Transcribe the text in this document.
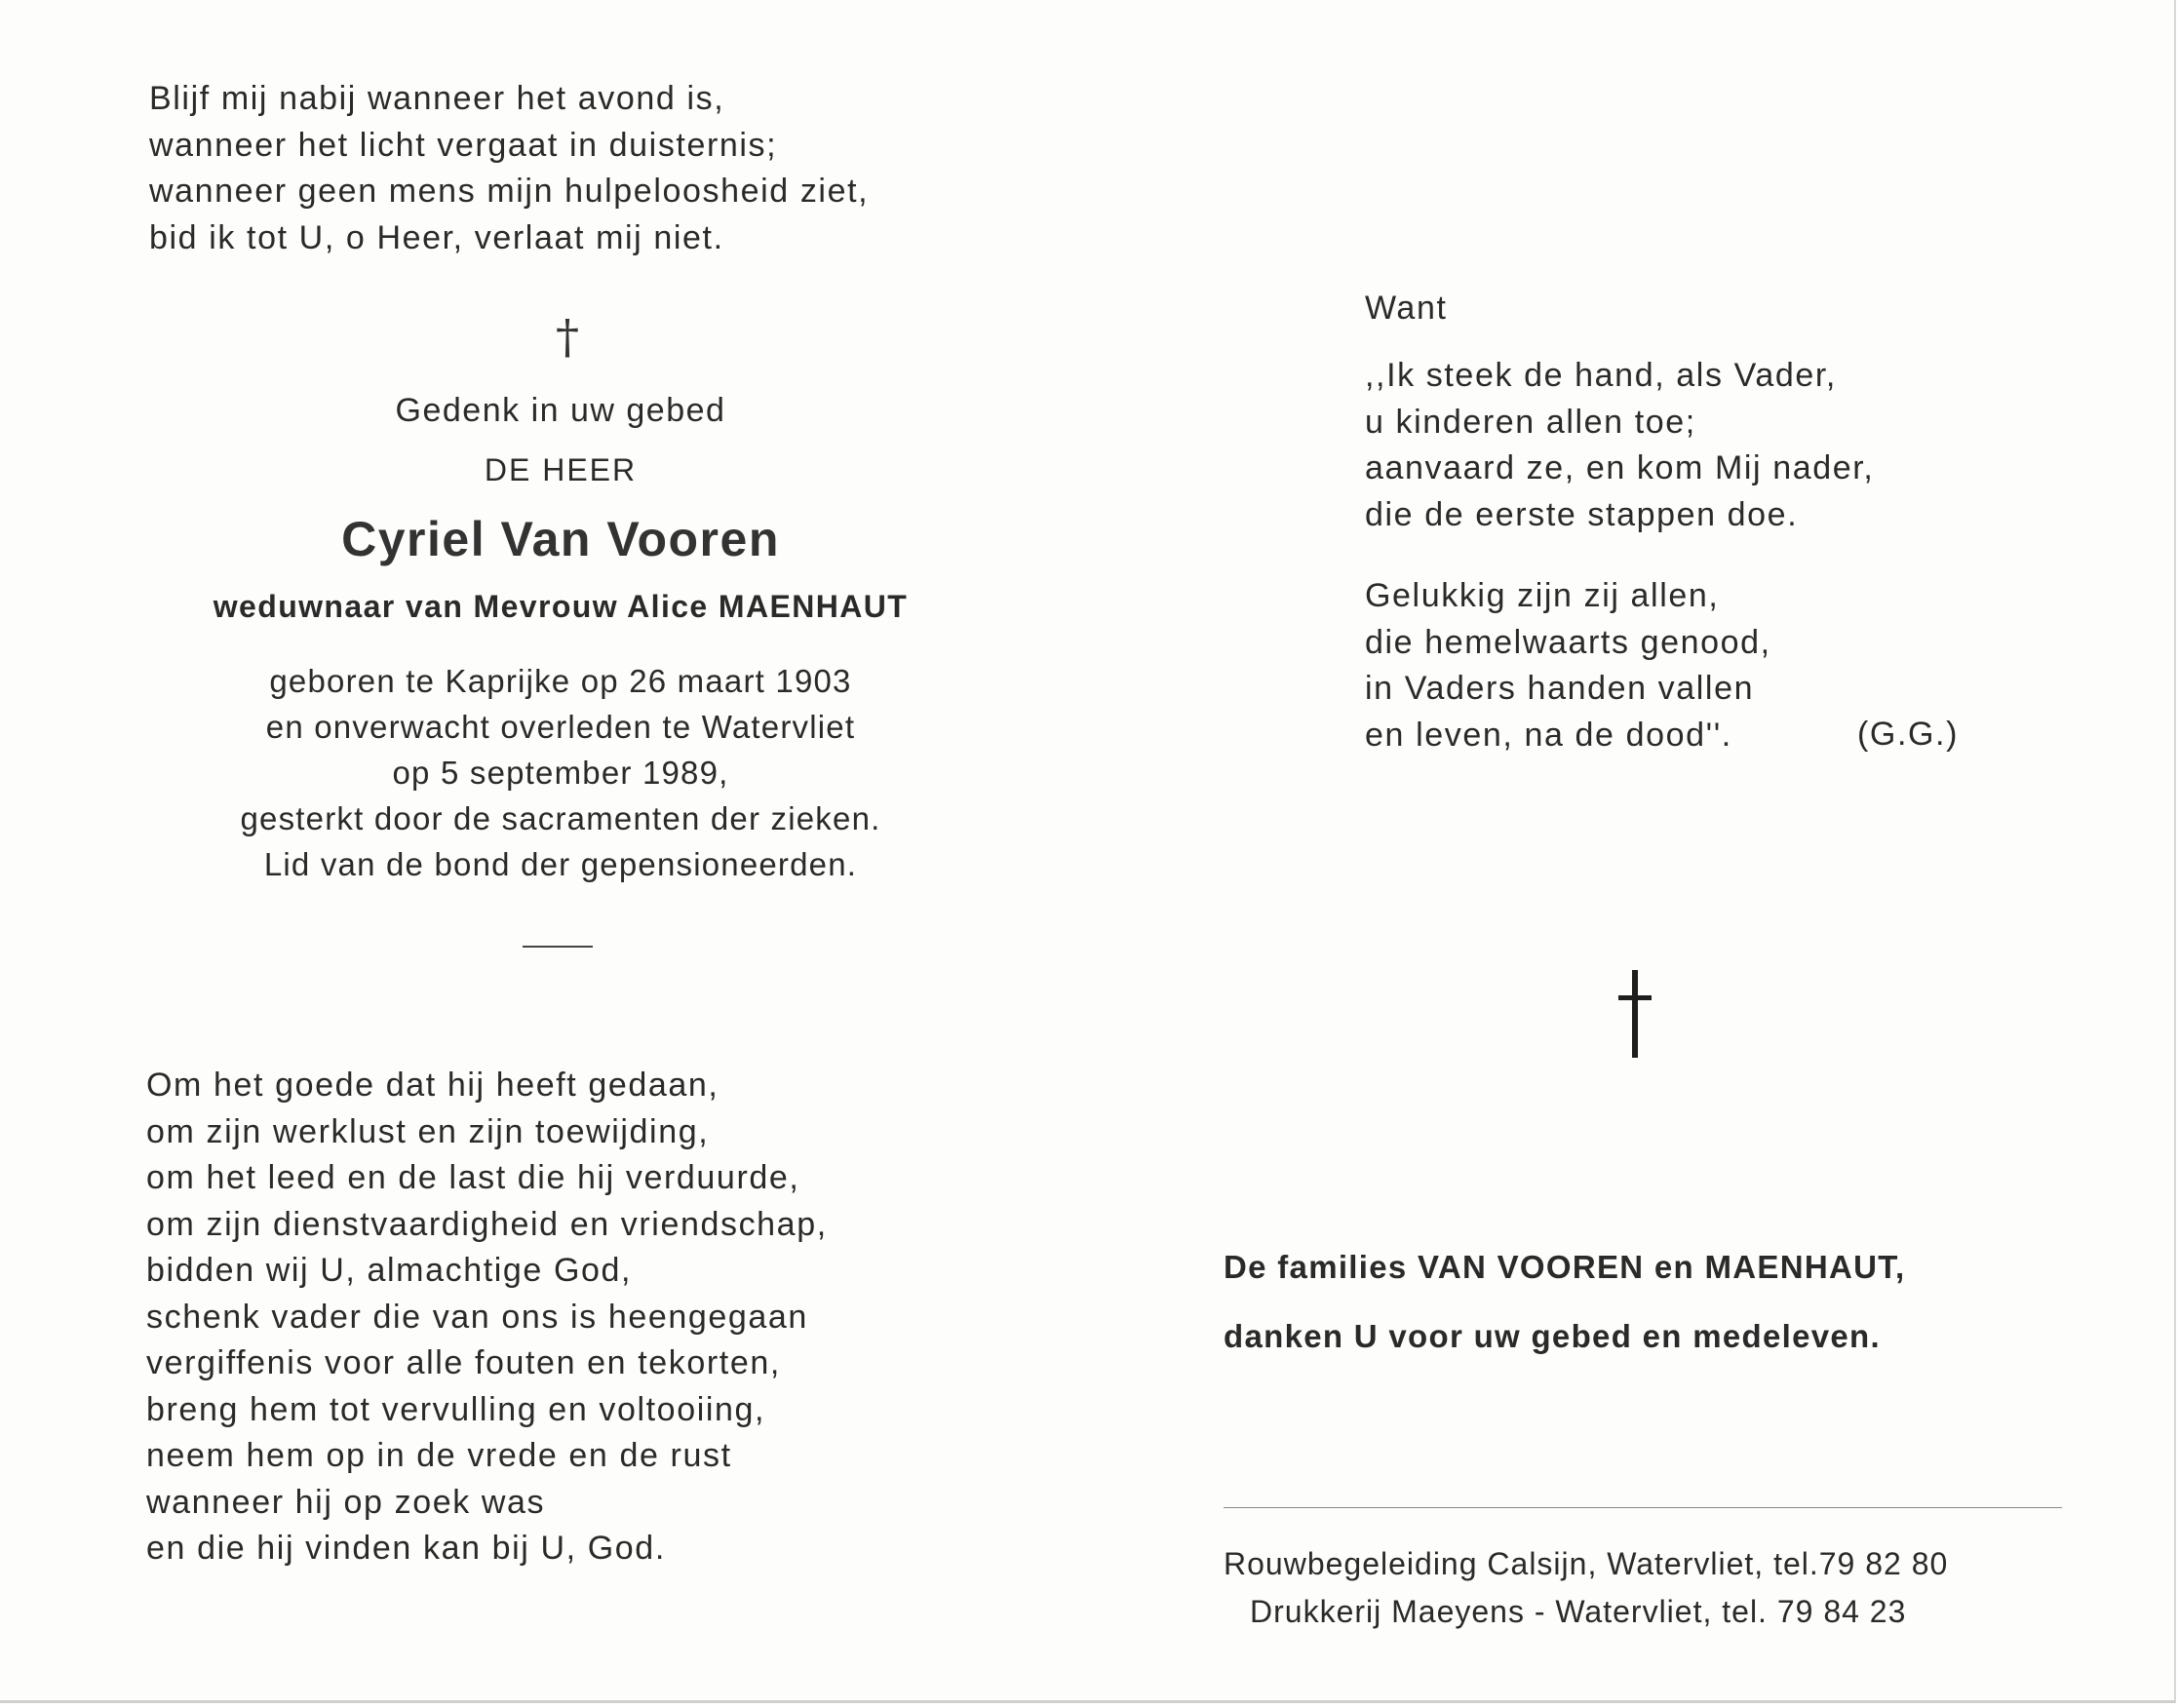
Blijf mij nabij wanneer het avond is,
wanneer het licht vergaat in duisternis;
wanneer geen mens mijn hulpeloosheid ziet,
bid ik tot U, o Heer, verlaat mij niet.
†
Gedenk in uw gebed
DE HEER
Cyriel Van Vooren
weduwnaar van Mevrouw Alice MAENHAUT
geboren te Kaprijke op 26 maart 1903
en onverwacht overleden te Watervliet
op 5 september 1989,
gesterkt door de sacramenten der zieken.
Lid van de bond der gepensioneerden.
Om het goede dat hij heeft gedaan,
om zijn werklust en zijn toewijding,
om het leed en de last die hij verduurde,
om zijn dienstvaardigheid en vriendschap,
bidden wij U, almachtige God,
schenk vader die van ons is heengegaan
vergiffenis voor alle fouten en tekorten,
breng hem tot vervulling en voltooiing,
neem hem op in de vrede en de rust
wanneer hij op zoek was
en die hij vinden kan bij U, God.
Want
,,Ik steek de hand, als Vader,
u kinderen allen toe;
aanvaard ze, en kom Mij nader,
die de eerste stappen doe.
Gelukkig zijn zij allen,
die hemelwaarts genood,
in Vaders handen vallen
en leven, na de dood''.	(G.G.)
De families VAN VOOREN en MAENHAUT,
danken U voor uw gebed en medeleven.
Rouwbegeleiding Calsijn, Watervliet, tel.79 82 80
Drukkerij Maeyens - Watervliet, tel. 79 84 23
